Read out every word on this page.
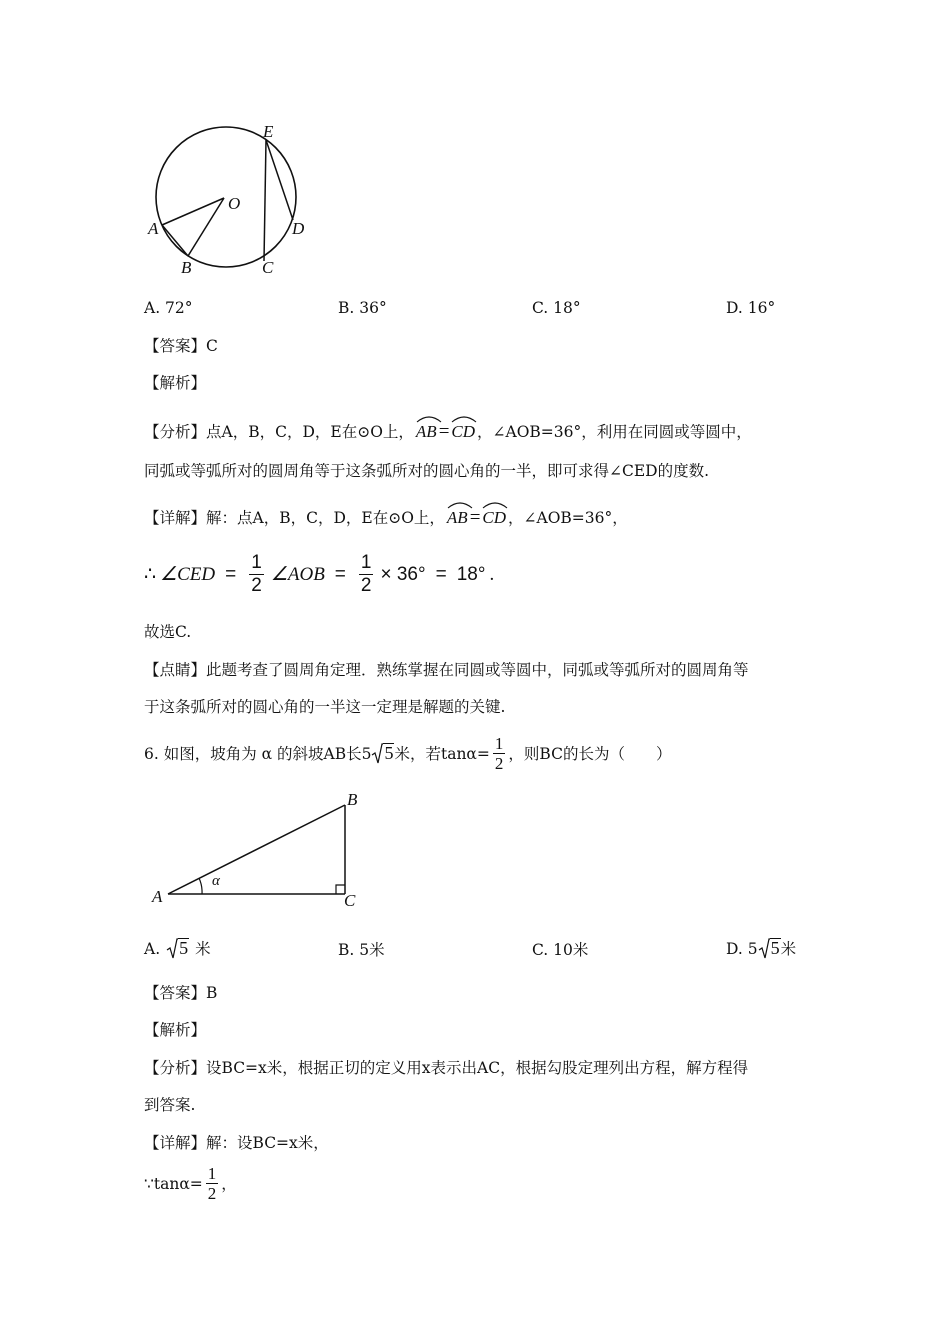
E
O
A	D
B	C
A. 72°	B. 36°	C. 18°	D. 16°
【答案】C
【解析】
【分析】 点A，B，C，D，E在⊙O上， AB = CD ，∠AOB=36°，利用在同圆或等圆中，
同弧或等弧所对的圆周角等于这条弧所对的圆心角的一半，即可求得∠CED的度数.
【详解】 解：点A，B，C，D，E在⊙O上， AB = CD ，∠AOB=36°，
∴ ∠CED = $\frac{1}{2}$ ∠AOB = $\frac{1}{2} \times 36^\circ = 18^\circ$ .
故选C.
【点睛】此题考查了圆周角定理．熟练掌握在同圆或等圆中，同弧或等弧所对的圆周角等
于这条弧所对的圆心角的一半这一定理是解题的关键.
6. 如图，坡角为 α 的斜坡AB长5 5 米，若$\tan\alpha= \frac{1}{2}$ ，则BC的长为（　　）
B
A	C
α
A. 5 米	B. 5米	C. 10米	D. 5 5 米
【答案】B
【解析】
【分析】设BC=x米，根据正切的定义用x表示出AC，根据勾股定理列出方程，解方程得
到答案.
【详解】解：设BC=x米，
∵ $\tan\alpha= \frac{1}{2}$ ，
